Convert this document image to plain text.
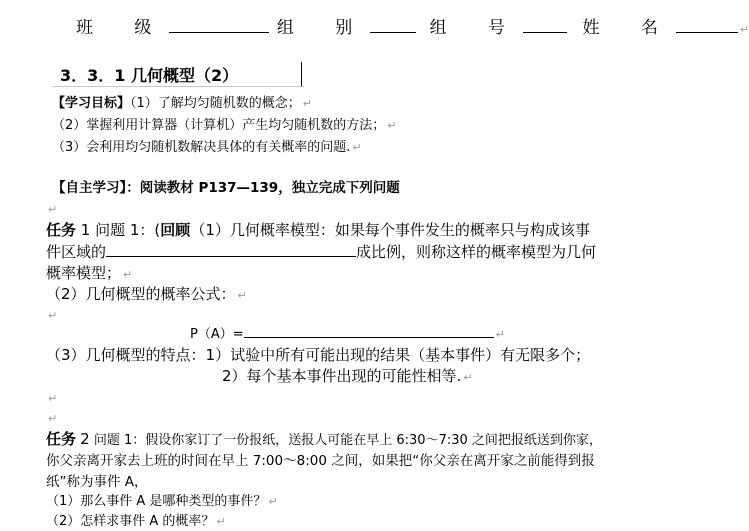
班 级	组 别	组 号	姓 名	↵
3．3．1 几何概型（2）
【学习目标】（1）了解均匀随机数的概念； ↵
（2）掌握利用计算器（计算机）产生均匀随机数的方法； ↵
（3）会利用均匀随机数解决具体的有关概率的问题. ↵
【自主学习】：阅读教材 P137—139，独立完成下列问题
↵
任务 1 问题 1：(回顾（1）几何概率模型：如果每个事件发生的概率只与构成该事
件区域的	成比例，则称这样的概率模型为几何
概率模型； ↵
（2）几何概型的概率公式： ↵
↵
P（A）=	↵
（3）几何概型的特点：1）试验中所有可能出现的结果（基本事件）有无限多个；
2）每个基本事件出现的可能性相等. ↵
↵
↵
任务 2 问题 1：假设你家订了一份报纸，送报人可能在早上 6:30～7:30 之间把报纸送到你家，
你父亲离开家去上班的时间在早上 7:00～8:00 之间，如果把“你父亲在离开家之前能得到报
纸”称为事件 A，
（1）那么事件 A 是哪种类型的事件？ ↵
（2）怎样求事件 A 的概率？ ↵
